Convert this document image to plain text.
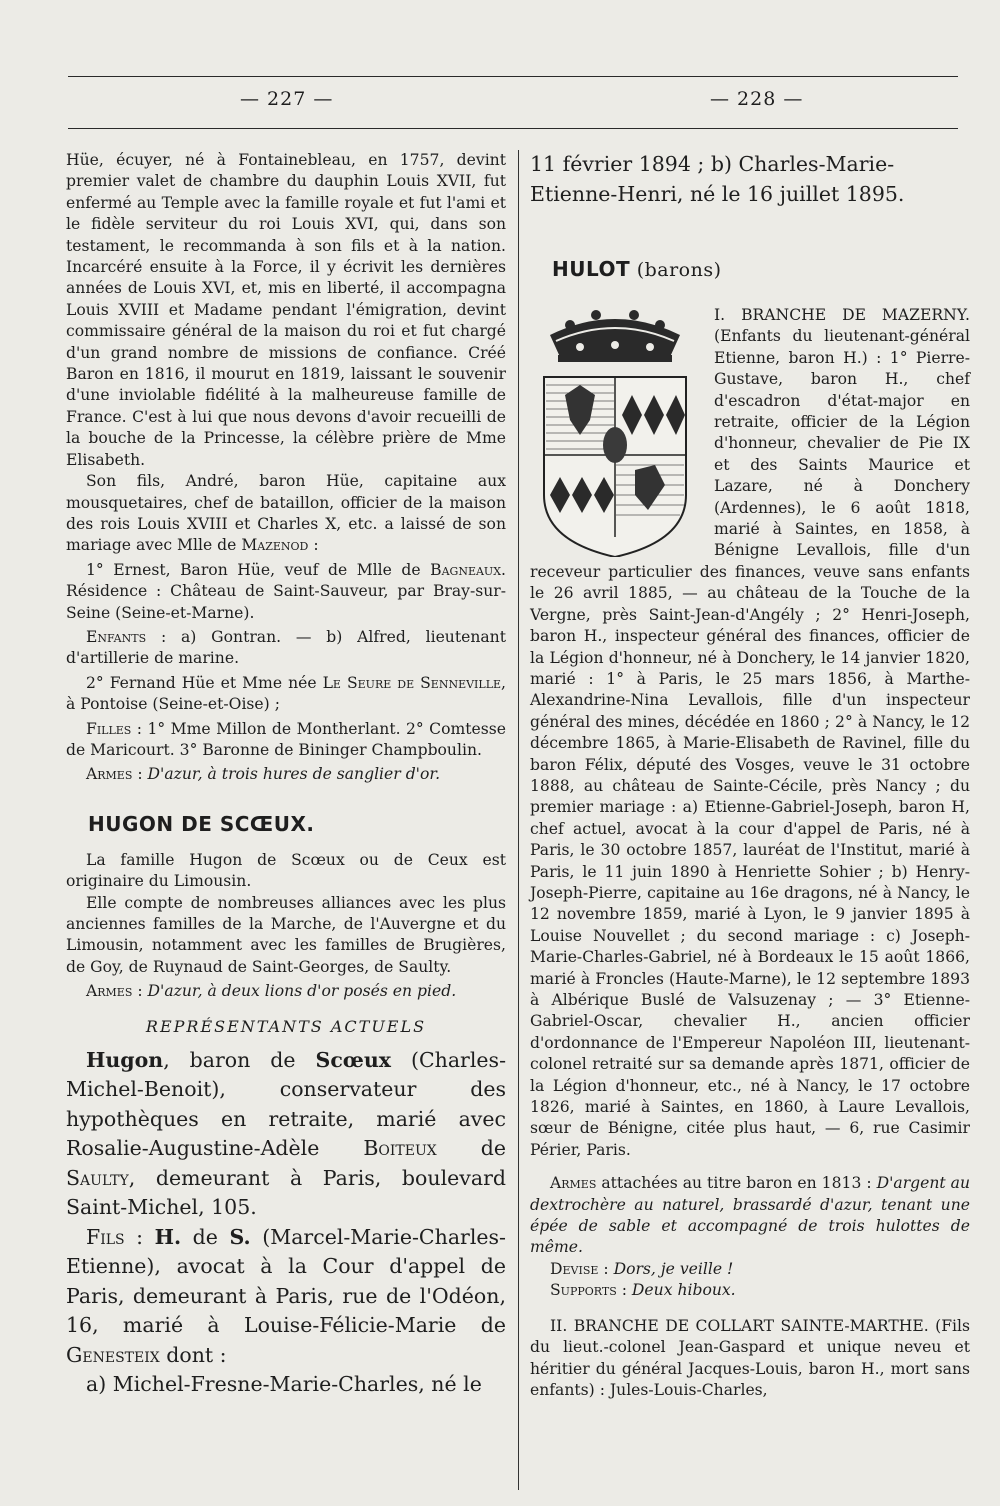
— 227 —	— 228 —

Hüe, écuyer, né à Fontainebleau, en 1757, devint premier valet de chambre du dauphin Louis XVII, fut enfermé au Temple avec la famille royale et fut l'ami et le fidèle serviteur du roi Louis XVI, qui, dans son testament, le recommanda à son fils et à la nation. Incarcéré ensuite à la Force, il y écrivit les dernières années de Louis XVI, et, mis en liberté, il accompagna Louis XVIII et Madame pendant l'émigration, devint commissaire général de la maison du roi et fut chargé d'un grand nombre de missions de confiance. Créé Baron en 1816, il mourut en 1819, laissant le souvenir d'une inviolable fidélité à la malheureuse famille de France. C'est à lui que nous devons d'avoir recueilli de la bouche de la Princesse, la célèbre prière de Mme Elisabeth.

Son fils, André, baron Hüe, capitaine aux mousquetaires, chef de bataillon, officier de la maison des rois Louis XVIII et Charles X, etc. a laissé de son mariage avec Mlle de Mazenod :

1° Ernest, Baron Hüe, veuf de Mlle de Bagneaux. Résidence : Château de Saint-Sauveur, par Bray-sur-Seine (Seine-et-Marne).

Enfants : a) Gontran. — b) Alfred, lieutenant d'artillerie de marine.

2° Fernand Hüe et Mme née Le Seure de Senneville, à Pontoise (Seine-et-Oise) ;

Filles : 1° Mme Millon de Montherlant. 2° Comtesse de Maricourt. 3° Baronne de Bininger Champboulin.

Armes : D'azur, à trois hures de sanglier d'or.

HUGON DE SCŒUX.

La famille Hugon de Scœux ou de Ceux est originaire du Limousin.

Elle compte de nombreuses alliances avec les plus anciennes familles de la Marche, de l'Auvergne et du Limousin, notamment avec les familles de Brugières, de Goy, de Ruynaud de Saint-Georges, de Saulty.

Armes : D'azur, à deux lions d'or posés en pied.

REPRÉSENTANTS ACTUELS

Hugon, baron de Scœux (Charles-Michel-Benoit), conservateur des hypothèques en retraite, marié avec Rosalie-Augustine-Adèle Boiteux de Saulty, demeurant à Paris, boulevard Saint-Michel, 105.

Fils : H. de S. (Marcel-Marie-Charles-Etienne), avocat à la Cour d'appel de Paris, demeurant à Paris, rue de l'Odéon, 16, marié à Louise-Félicie-Marie de Genesteix dont :

a) Michel-Fresne-Marie-Charles, né le

11 février 1894 ; b) Charles-Marie-Etienne-Henri, né le 16 juillet 1895.

HULOT (barons)

I. BRANCHE DE MAZERNY. (Enfants du lieutenant-général Etienne, baron H.) : 1° Pierre-Gustave, baron H., chef d'escadron d'état-major en retraite, officier de la Légion d'honneur, chevalier de Pie IX et des Saints Maurice et Lazare, né à Donchery (Ardennes), le 6 août 1818, marié à Saintes, en 1858, à Bénigne Levallois, fille d'un receveur particulier des finances, veuve sans enfants le 26 avril 1885, — au château de la Touche de la Vergne, près Saint-Jean-d'Angély ; 2° Henri-Joseph, baron H., inspecteur général des finances, officier de la Légion d'honneur, né à Donchery, le 14 janvier 1820, marié : 1° à Paris, le 25 mars 1856, à Marthe-Alexandrine-Nina Levallois, fille d'un inspecteur général des mines, décédée en 1860 ; 2° à Nancy, le 12 décembre 1865, à Marie-Elisabeth de Ravinel, fille du baron Félix, député des Vosges, veuve le 31 octobre 1888, au château de Sainte-Cécile, près Nancy ; du premier mariage : a) Etienne-Gabriel-Joseph, baron H, chef actuel, avocat à la cour d'appel de Paris, né à Paris, le 30 octobre 1857, lauréat de l'Institut, marié à Paris, le 11 juin 1890 à Henriette Sohier ; b) Henry-Joseph-Pierre, capitaine au 16e dragons, né à Nancy, le 12 novembre 1859, marié à Lyon, le 9 janvier 1895 à Louise Nouvellet ; du second mariage : c) Joseph-Marie-Charles-Gabriel, né à Bordeaux le 15 août 1866, marié à Froncles (Haute-Marne), le 12 septembre 1893 à Albérique Buslé de Valsuzenay ; — 3° Etienne-Gabriel-Oscar, chevalier H., ancien officier d'ordonnance de l'Empereur Napoléon III, lieutenant-colonel retraité sur sa demande après 1871, officier de la Légion d'honneur, etc., né à Nancy, le 17 octobre 1826, marié à Saintes, en 1860, à Laure Levallois, sœur de Bénigne, citée plus haut, — 6, rue Casimir Périer, Paris.

Armes attachées au titre baron en 1813 : D'argent au dextrochère au naturel, brassardé d'azur, tenant une épée de sable et accompagné de trois hulottes de même.

Devise : Dors, je veille !

Supports : Deux hiboux.

II. BRANCHE DE COLLART SAINTE-MARTHE. (Fils du lieut.-colonel Jean-Gaspard et unique neveu et héritier du général Jacques-Louis, baron H., mort sans enfants) : Jules-Louis-Charles,
